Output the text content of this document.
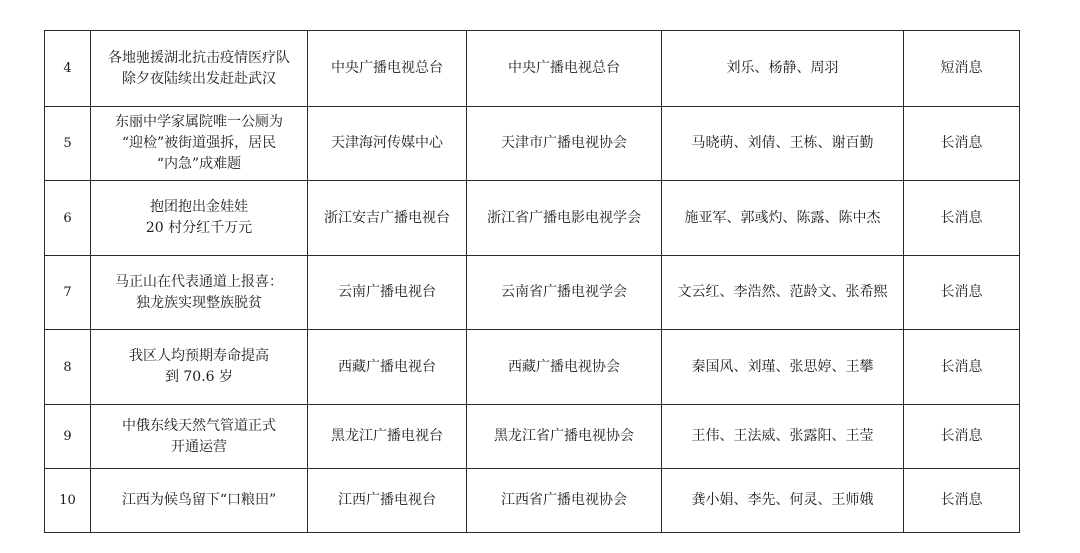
4	各地驰援湖北抗击疫情医疗队
除夕夜陆续出发赶赴武汉	中央广播电视总台	中央广播电视总台	刘乐、杨静、周羽	短消息
5	东丽中学家属院唯一公厕为
“迎检”被街道强拆，居民
“内急”成难题	天津海河传媒中心	天津市广播电视协会	马晓萌、刘倩、王栋、谢百勤	长消息
6	抱团抱出金娃娃
20 村分红千万元	浙江安吉广播电视台	浙江省广播电影电视学会	施亚军、郭彧灼、陈露、陈中杰	长消息
7	马正山在代表通道上报喜：
独龙族实现整族脱贫	云南广播电视台	云南省广播电视学会	文云红、李浩然、范龄文、张希熙	长消息
8	我区人均预期寿命提高
到 70.6 岁	西藏广播电视台	西藏广播电视协会	秦国风、刘瑾、张思婷、王攀	长消息
9	中俄东线天然气管道正式
开通运营	黑龙江广播电视台	黑龙江省广播电视协会	王伟、王法威、张露阳、王莹	长消息
10	江西为候鸟留下“口粮田”	江西广播电视台	江西省广播电视协会	龚小娟、李先、何灵、王师娥	长消息
